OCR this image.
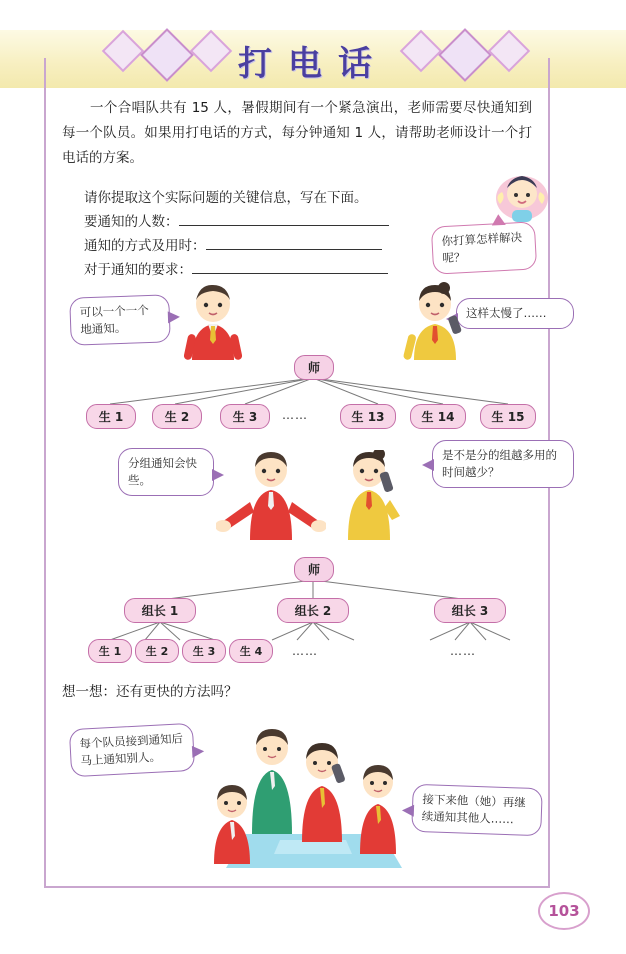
打电话
一个合唱队共有 15 人，暑假期间有一个紧急演出，老师需要尽快通知到每一个队员。如果用打电话的方式，每分钟通知 1 人，请帮助老师设计一个打电话的方案。
请你提取这个实际问题的关键信息，写在下面。
要通知的人数：
通知的方式及用时：
对于通知的要求：
你打算怎样解决呢？
可以一个一个地通知。
这样太慢了……
分组通知会快些。
是不是分的组越多用的时间越少？
每个队员接到通知后马上通知别人。
接下来他（她）再继续通知其他人……
师
生 1	生 2	生 3	……	生 13	生 14	生 15
师
组长 1	组长 2	组长 3
生 1	生 2	生 3	生 4	……	……
想一想：还有更快的方法吗？
103
